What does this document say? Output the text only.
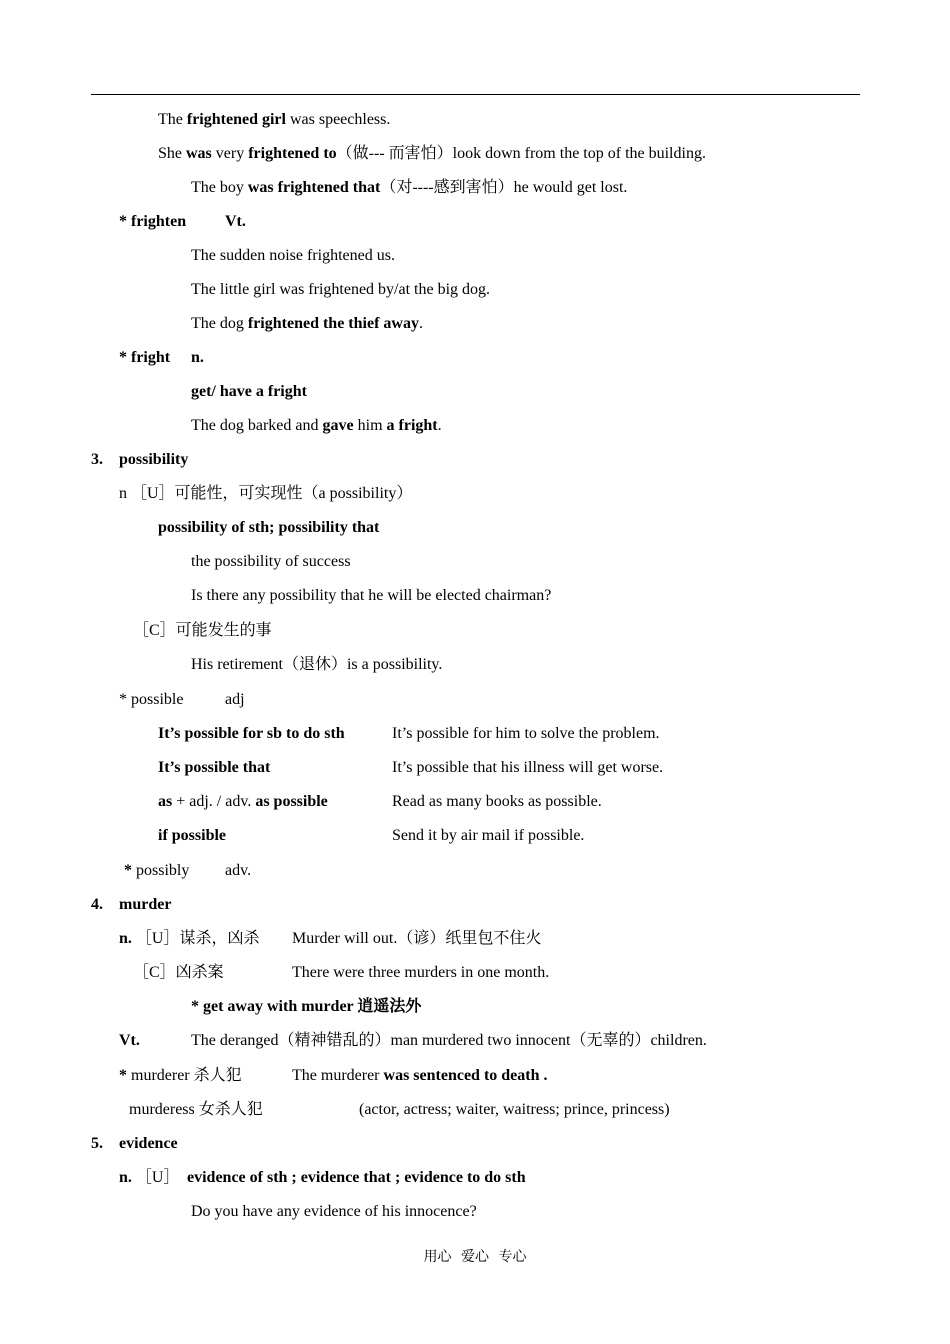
The frightened girl was speechless.
She was very frightened to（做--- 而害怕）look down from the top of the building.
The boy was frightened that（对----感到害怕）he would get lost.
* frighten Vt.
The sudden noise frightened us.
The little girl was frightened by/at the big dog.
The dog frightened the thief away.
* fright n.
get/ have a fright
The dog barked and gave him a fright.
3. possibility
n ［U］可能性，可实现性（a possibility）
possibility of sth; possibility that
the possibility of success
Is there any possibility that he will be elected chairman?
［C］可能发生的事
His retirement（退休）is a possibility.
* possible	adj
It’s possible for sb to do sth	It’s possible for him to solve the problem.
It’s possible that	It’s possible that his illness will get worse.
as + adj. / adv. as possible	Read as many books as possible.
if possible	Send it by air mail if possible.
* possibly adv.
4. murder
n. ［U］谋杀，凶杀 Murder will out.（谚）纸里包不住火
［C］凶杀案	There were three murders in one month.
* get away with murder 逍遥法外
Vt.	The deranged（精神错乱的）man murdered two innocent（无辜的）children.
* murderer 杀人犯	The murderer was sentenced to death .
murderess 女杀人犯	(actor, actress; waiter, waitress; prince, princess)
5. evidence
n. ［U］ evidence of sth ; evidence that ; evidence to do sth
Do you have any evidence of his innocence?
用心 爱心 专心
